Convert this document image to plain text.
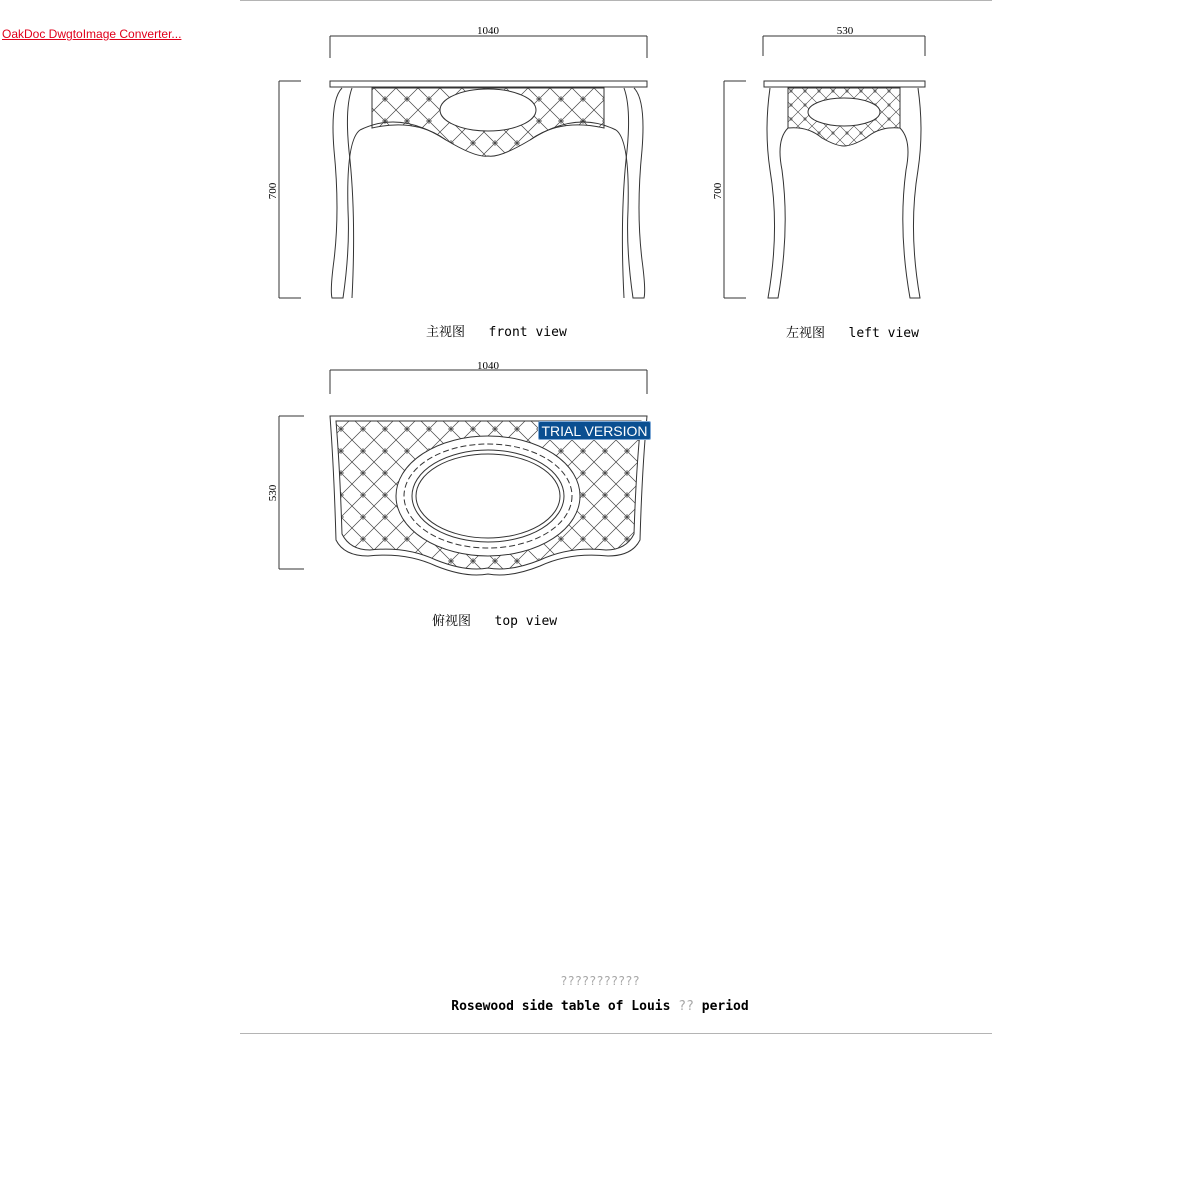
OakDoc DwgtoImage Converter...	1040
700
530
700
1040
530
主视图 front view	左视图 left view
俯视图 top view
TRIAL VERSION
???????????
Rosewood side table of Louis ?? period
